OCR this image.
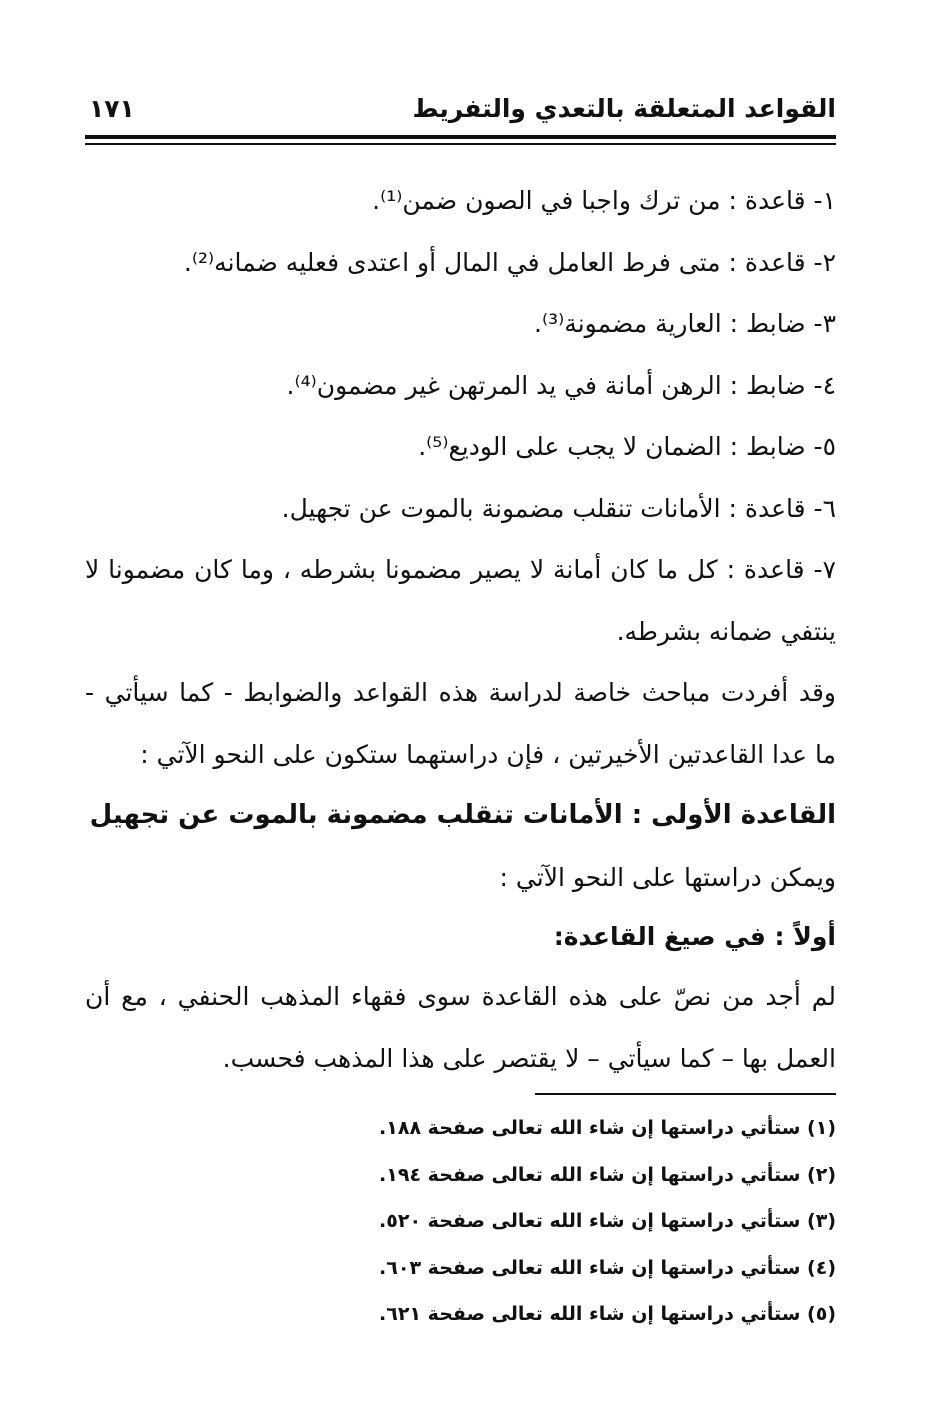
القواعد المتعلقة بالتعدي والتفريط
١٧١
١- قاعدة : من ترك واجبا في الصون ضمن⁽¹⁾.
٢- قاعدة : متى فرط العامل في المال أو اعتدى فعليه ضمانه⁽²⁾.
٣- ضابط : العارية مضمونة⁽³⁾.
٤- ضابط : الرهن أمانة في يد المرتهن غير مضمون⁽⁴⁾.
٥- ضابط : الضمان لا يجب على الوديع⁽⁵⁾.
٦- قاعدة : الأمانات تنقلب مضمونة بالموت عن تجهيل.
٧- قاعدة : كل ما كان أمانة لا يصير مضمونا بشرطه ، وما كان مضمونا لا
ينتفي ضمانه بشرطه.
وقد أفردت مباحث خاصة لدراسة هذه القواعد والضوابط - كما سيأتي -
ما عدا القاعدتين الأخيرتين ، فإن دراستهما ستكون على النحو الآتي :
القاعدة الأولى : الأمانات تنقلب مضمونة بالموت عن تجهيل
ويمكن دراستها على النحو الآتي :
أولاً : في صيغ القاعدة:
لم أجد من نصّ على هذه القاعدة سوى فقهاء المذهب الحنفي ، مع أن
العمل بها – كما سيأتي – لا يقتصر على هذا المذهب فحسب.
(١) ستأتي دراستها إن شاء الله تعالى صفحة ١٨٨.
(٢) ستأتي دراستها إن شاء الله تعالى صفحة ١٩٤.
(٣) ستأتي دراستها إن شاء الله تعالى صفحة ٥٢٠.
(٤) ستأتي دراستها إن شاء الله تعالى صفحة ٦٠٣.
(٥) ستأتي دراستها إن شاء الله تعالى صفحة ٦٢١.
